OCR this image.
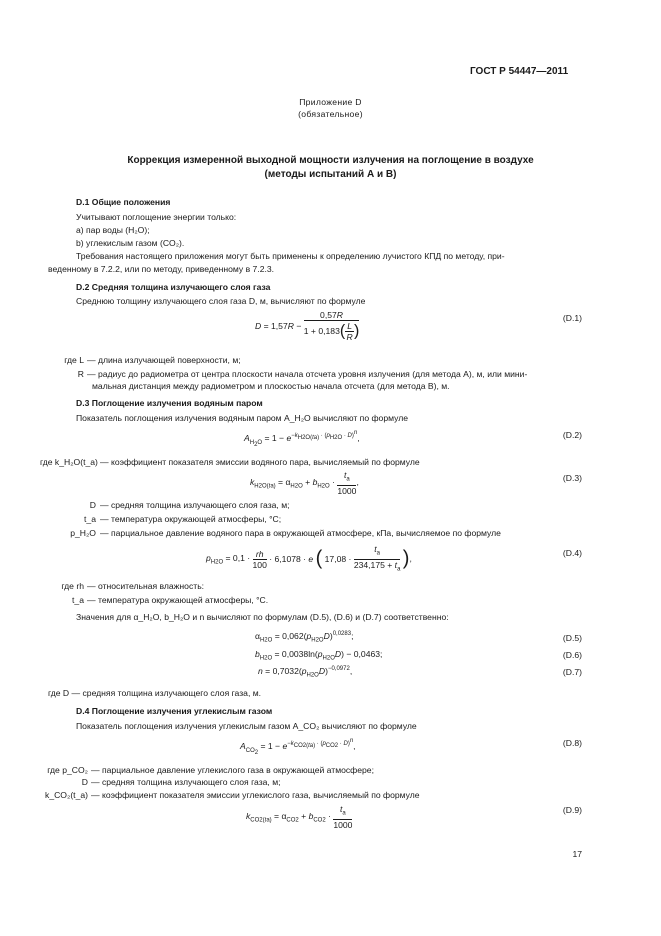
ГОСТ Р 54447—2011
Приложение D
(обязательное)
Коррекция измеренной выходной мощности излучения на поглощение в воздухе
(методы испытаний А и В)
D.1 Общие положения
Учитывают поглощение энергии только:
а) пар воды (H₂O);
b) углекислым газом (CO₂).
Требования настоящего приложения могут быть применены к определению лучистого КПД по методу, при-
веденному в 7.2.2, или по методу, приведенному в 7.2.3.
D.2 Средняя толщина излучающего слоя газа
Среднюю толщину излучающего слоя газа D, м, вычисляют по формуле
$D = 1,57R - \frac{0,57R}{1 + 0,183( \frac{L}{R} )}$	(D.1)
где L — длина излучающей поверхности, м;
R — радиус до радиометра от центра плоскости начала отсчета уровня излучения (для метода А), м, или мини-
мальная дистанция между радиометром и плоскостью начала отсчета (для метода В), м.
D.3 Поглощение излучения водяным паром
Показатель поглощения излучения водяным паром A_H₂O вычисляют по формуле
$A_{H_2O} = 1 - e^{-k_{H2O(ta)} \cdot (p_{H2O} \cdot D)^n}$,	(D.2)
где k_H₂O(t_a) — коэффициент показателя эмиссии водяного пара, вычисляемый по формуле
$k_{H2O(ta)} = \alpha_{H2O} + b_{H2O} \cdot \frac{t_a}{1000}$ ,	(D.3)
D — средняя толщина излучающего слоя газа, м;
t_a — температура окружающей атмосферы, °С;
p_H₂O — парциальное давление водяного пара в окружающей атмосфере, кПа, вычисляемое по формуле
$p_{H2O} = 0,1 \cdot \frac{rh}{100} \cdot 6,1078 \cdot e$ ( $17,08 \cdot \frac{t_a}{234,175 + t_a}$ ),
(D.4)
где rh — относительная влажность:
t_a — температура окружающей атмосферы, °С.
Значения для α_H₂O, b_H₂O и n вычисляют по формулам (D.5), (D.6) и (D.7) соответственно:
$\alpha_{H2O} = 0,062(p_{H2O}D)^{0,0283}$;	(D.5)
$b_{H2O} = 0,0038\ln(p_{H2O}D) - 0,0463$;	(D.6)
$n = 0,7032(p_{H2O}D)^{-0,0972}$,	(D.7)
где D — средняя толщина излучающего слоя газа, м.
D.4 Поглощение излучения углекислым газом
Показатель поглощения излучения углекислым газом A_CO₂ вычисляют по формуле
$A_{CO_2} = 1 - e^{-k_{CO2(ta)} \cdot (p_{CO2} \cdot D)^n}$,	(D.8)
где p_CO₂ — парциальное давление углекислого газа в окружающей атмосфере;
D — средняя толщина излучающего слоя газа, м;
k_CO₂(t_a) — коэффициент показателя эмиссии углекислого газа, вычисляемый по формуле
$k_{CO2(ta)} = \alpha_{CO2} + b_{CO2} \cdot \frac{t_a}{1000}$	(D.9)
17
